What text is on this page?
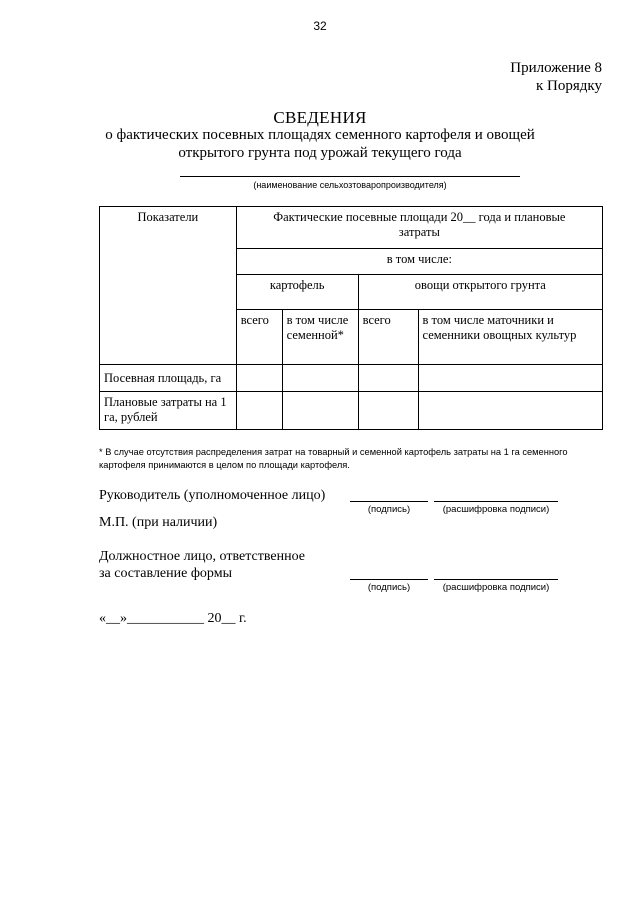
32
Приложение 8
к Порядку
СВЕДЕНИЯ
о фактических посевных площадях семенного картофеля и овощей
открытого грунта под урожай текущего года
(наименование сельхозтоваропроизводителя)
Показатели	Фактические посевные площади 20__ года и плановые затраты			
	в том числе:			
	картофель		овощи открытого грунта	
	всего	в том числе семенной*	всего	в том числе маточники и семенники овощных культур
Посевная площадь, га				
Плановые затраты на 1 га, рублей				
* В случае отсутствия распределения затрат на товарный и семенной картофель затраты на 1 га семенного картофеля принимаются в целом по площади картофеля.
Руководитель (уполномоченное лицо)
(подпись)	(расшифровка подписи)
М.П. (при наличии)
Должностное лицо, ответственное
за составление формы
(подпись)	(расшифровка подписи)
«__»___________ 20__ г.
